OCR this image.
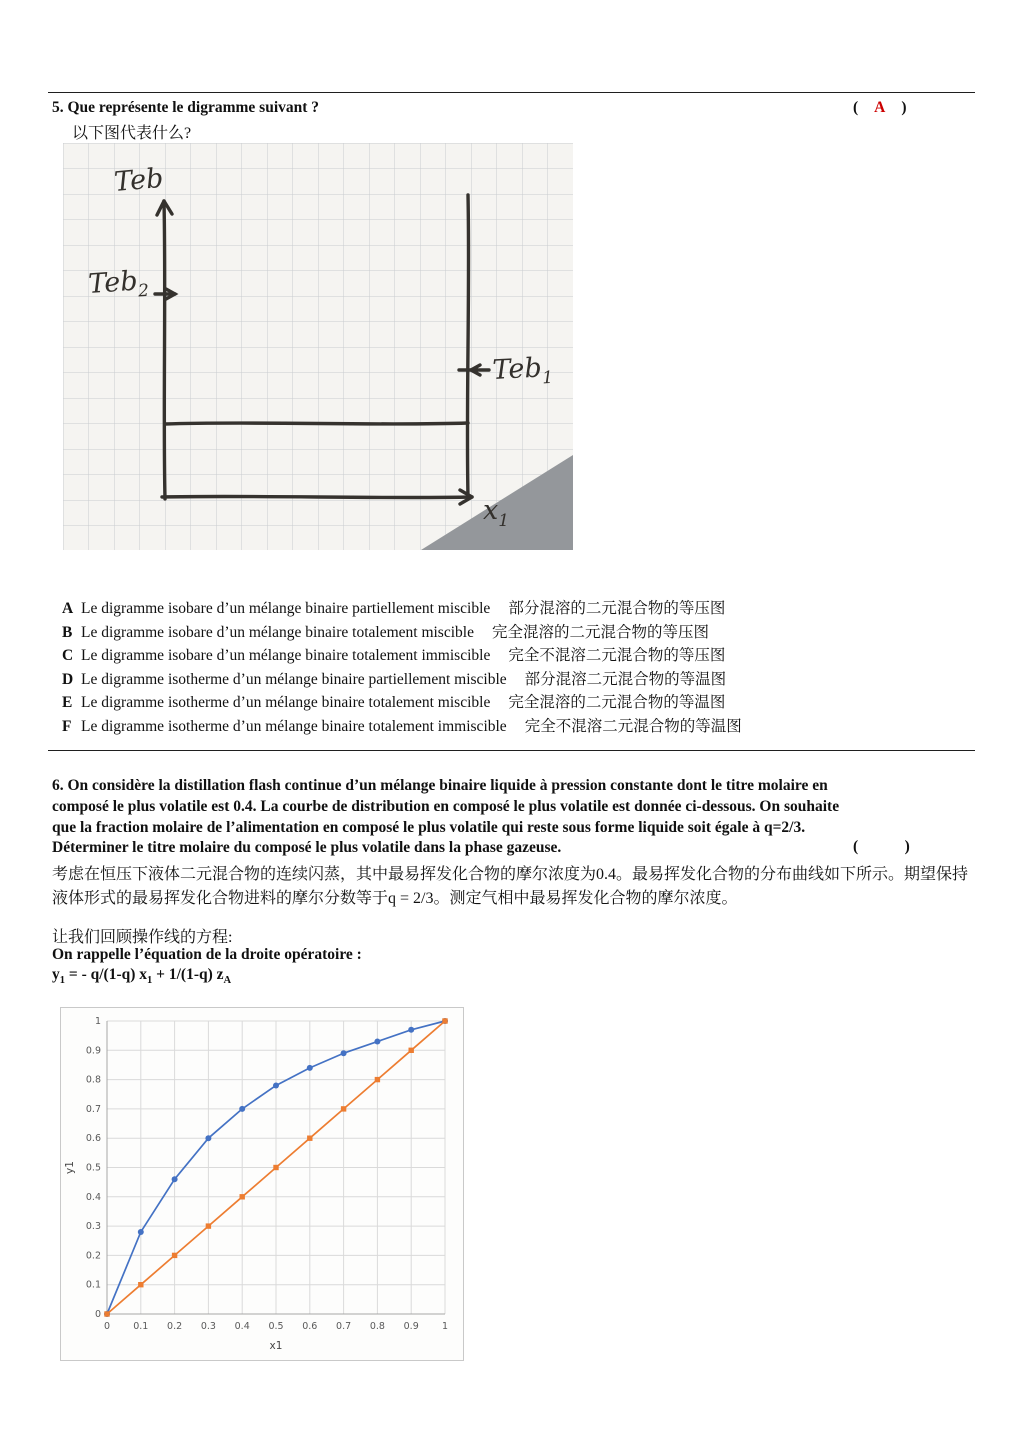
5. Que représente le digramme suivant ?	( A )
以下图代表什么?
Teb
Teb$_2$
Teb$_1$
$x_1$
A Le digramme isobare d’un mélange binaire partiellement miscible 部分混溶的二元混合物的等压图
B Le digramme isobare d’un mélange binaire totalement miscible 完全混溶的二元混合物的等压图
C Le digramme isobare d’un mélange binaire totalement immiscible 完全不混溶二元混合物的等压图
D Le digramme isotherme d’un mélange binaire partiellement miscible 部分混溶二元混合物的等温图
E Le digramme isotherme d’un mélange binaire totalement miscible 完全混溶的二元混合物的等温图
F Le digramme isotherme d’un mélange binaire totalement immiscible 完全不混溶二元混合物的等温图
6. On considère la distillation flash continue d’un mélange binaire liquide à pression constante dont le titre molaire en
composé le plus volatile est 0.4. La courbe de distribution en composé le plus volatile est donnée ci-dessous. On souhaite
que la fraction molaire de l’alimentation en composé le plus volatile qui reste sous forme liquide soit égale à q=2/3.
Déterminer le titre molaire du composé le plus volatile dans la phase gazeuse.	(            )
考虑在恒压下液体二元混合物的连续闪蒸，其中最易挥发化合物的摩尔浓度为0.4。最易挥发化合物的分布曲线如下所示。期望保持液体形式的最易挥发化合物进料的摩尔分数等于q = 2/3。测定气相中最易挥发化合物的摩尔浓度。
让我们回顾操作线的方程:
On rappelle l’équation de la droite opératoire :
$y_1$ = - q/(1-q) $x_1 + 1/(1-q)$ $z_A$
0
0
0.1
0.1
0.2
0.2
0.3
0.3
0.4
0.4
0.5
0.5
0.6
0.6
0.7
0.7
0.8
0.8
0.9
0.9
1
1
x1
y1
